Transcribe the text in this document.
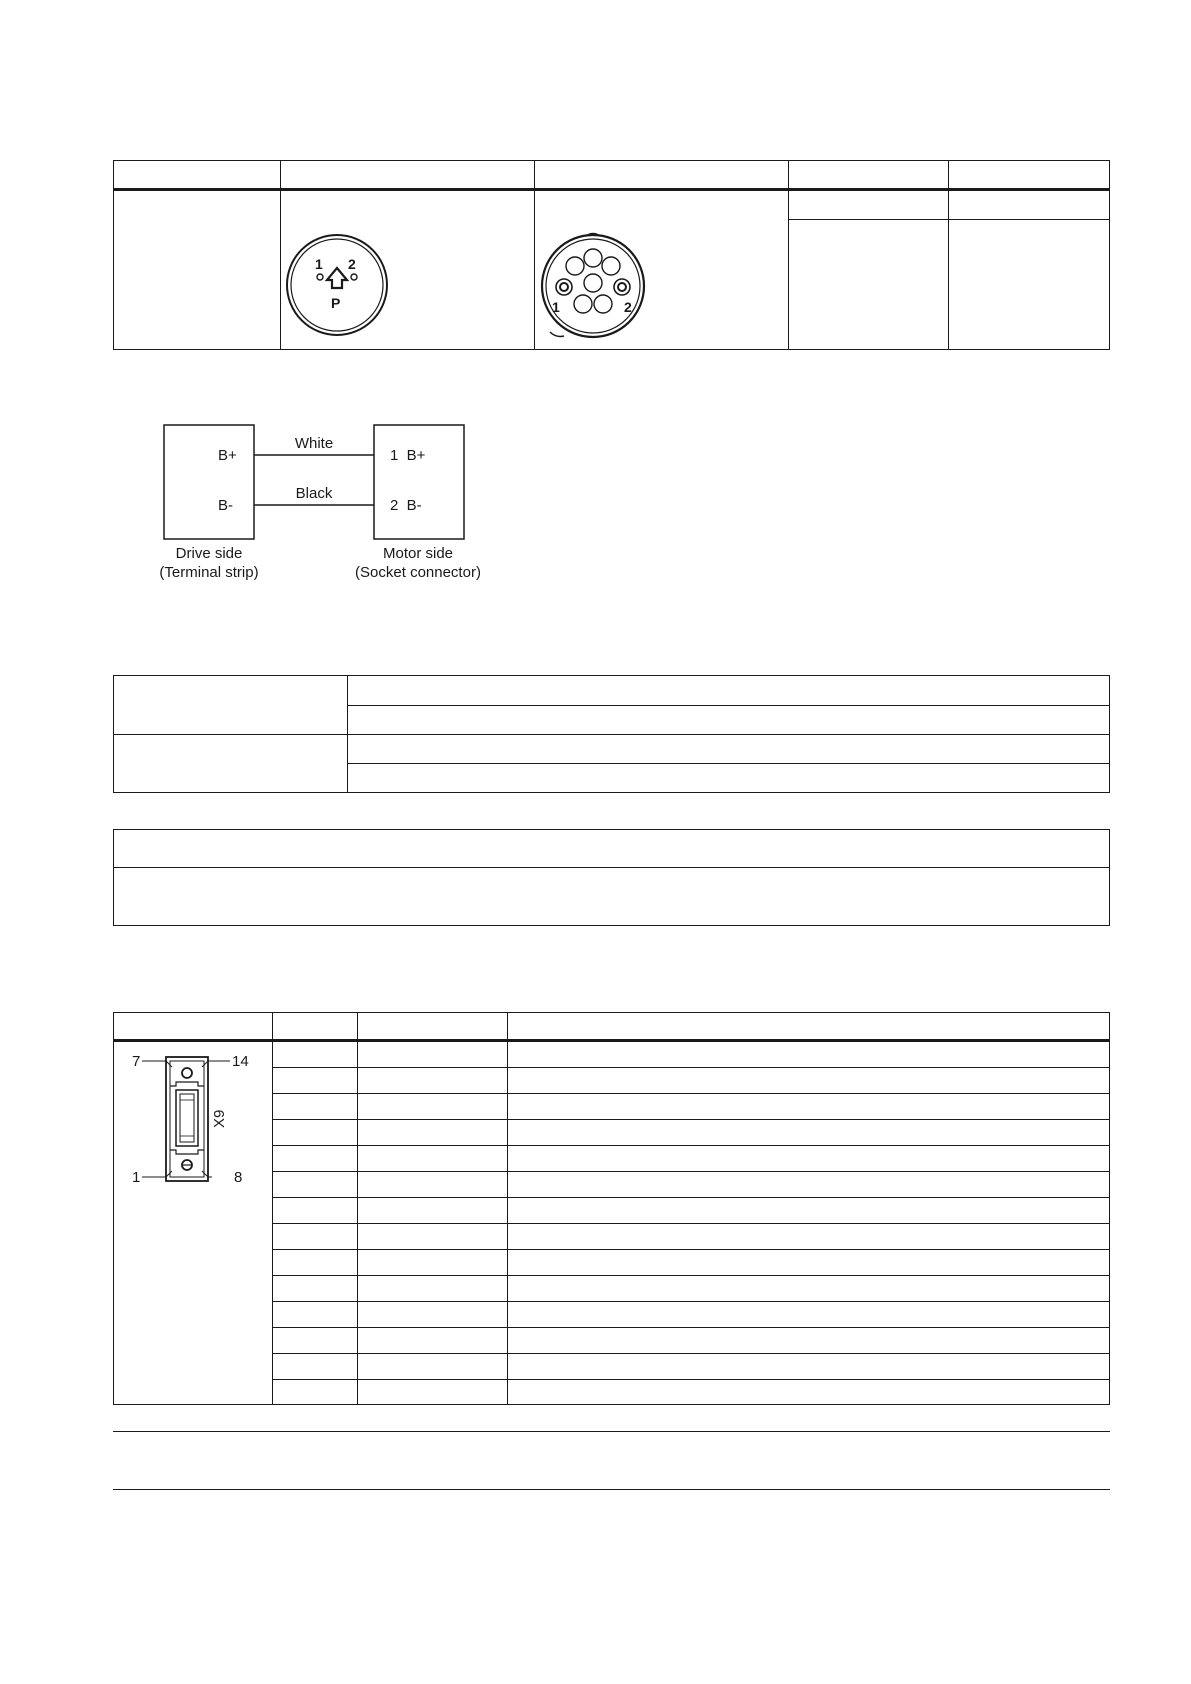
1 2
P	1	2
B+
B-
1  B+
2  B-
White
Black
Drive side
(Terminal strip)
Motor side
(Socket connector)
7	14
1	8
X9
